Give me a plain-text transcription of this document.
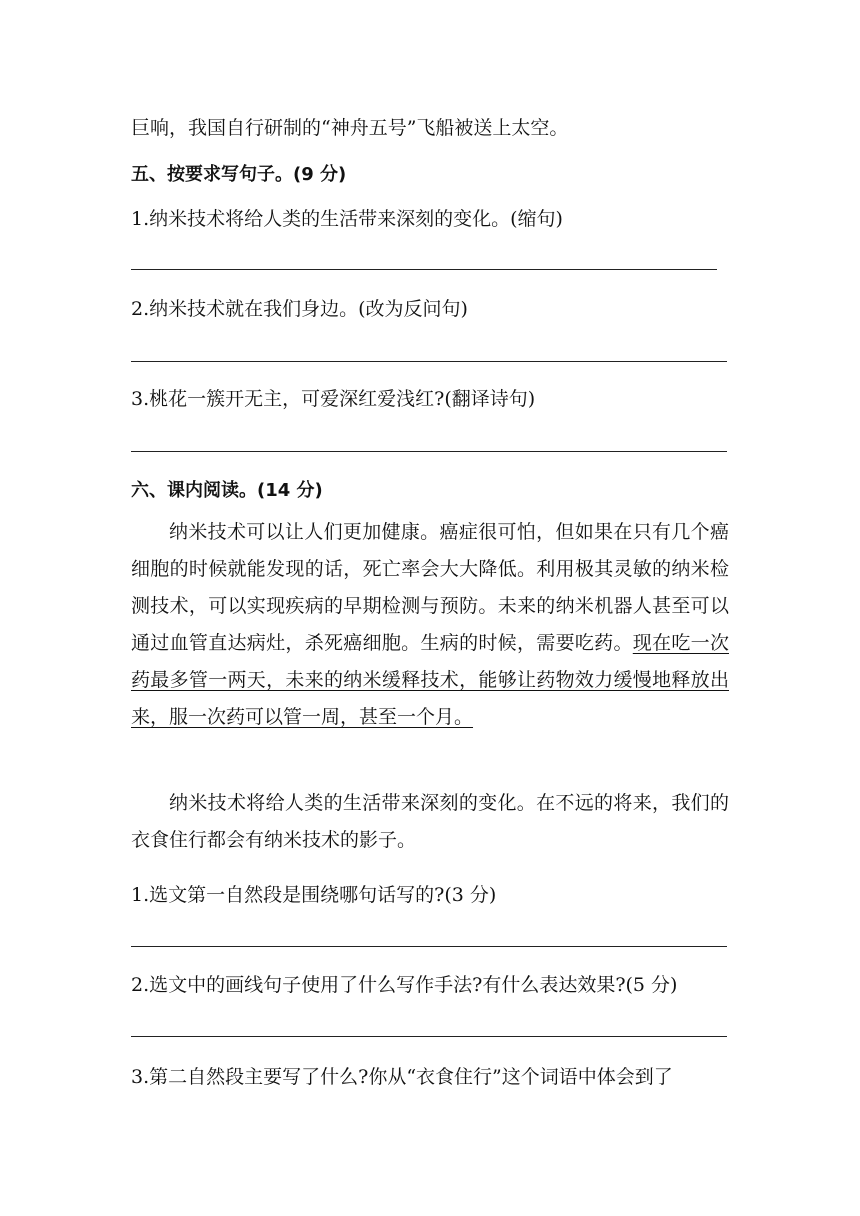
巨响，我国自行研制的“神舟五号”飞船被送上太空。
五、按要求写句子。(9 分)
1.纳米技术将给人类的生活带来深刻的变化。(缩句)
2.纳米技术就在我们身边。(改为反问句)
3.桃花一簇开无主，可爱深红爱浅红?(翻译诗句)
六、课内阅读。(14 分)
纳米技术可以让人们更加健康。癌症很可怕，但如果在只有几个癌细胞的时候就能发现的话，死亡率会大大降低。利用极其灵敏的纳米检测技术，可以实现疾病的早期检测与预防。未来的纳米机器人甚至可以通过血管直达病灶，杀死癌细胞。生病的时候，需要吃药。现在吃一次药最多管一两天，未来的纳米缓释技术，能够让药物效力缓慢地释放出来，服一次药可以管一周，甚至一个月。
纳米技术将给人类的生活带来深刻的变化。在不远的将来，我们的衣食住行都会有纳米技术的影子。
1.选文第一自然段是围绕哪句话写的?(3 分)
2.选文中的画线句子使用了什么写作手法?有什么表达效果?(5 分)
3.第二自然段主要写了什么?你从“衣食住行”这个词语中体会到了
